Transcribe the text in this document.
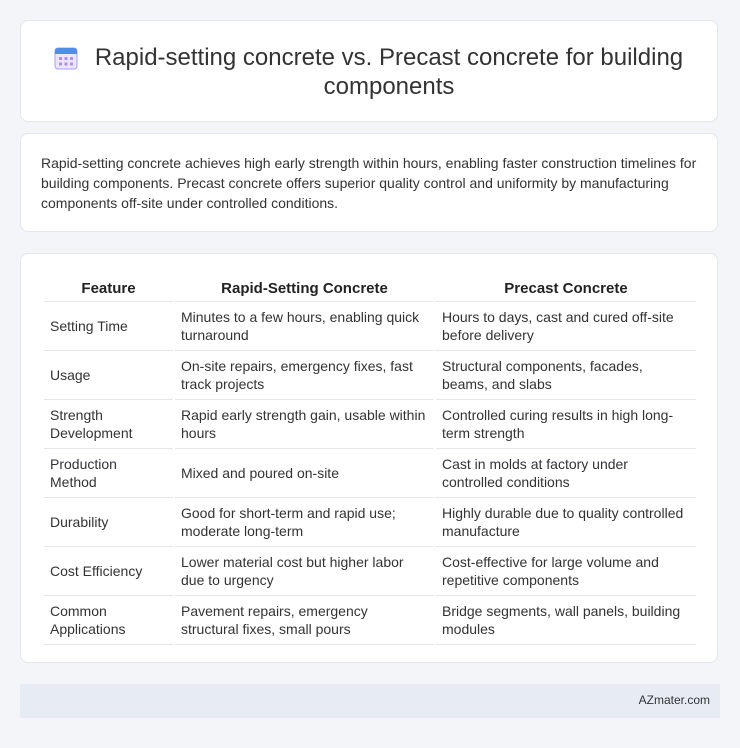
Rapid-setting concrete vs. Precast concrete for building components

Rapid-setting concrete achieves high early strength within hours, enabling faster construction timelines for building components. Precast concrete offers superior quality control and uniformity by manufacturing components off-site under controlled conditions.

Feature	Rapid-Setting Concrete	Precast Concrete
Setting Time	Minutes to a few hours, enabling quick turnaround	Hours to days, cast and cured off-site before delivery
Usage	On-site repairs, emergency fixes, fast track projects	Structural components, facades, beams, and slabs
Strength Development	Rapid early strength gain, usable within hours	Controlled curing results in high long-term strength
Production Method	Mixed and poured on-site	Cast in molds at factory under controlled conditions
Durability	Good for short-term and rapid use; moderate long-term	Highly durable due to quality controlled manufacture
Cost Efficiency	Lower material cost but higher labor due to urgency	Cost-effective for large volume and repetitive components
Common Applications	Pavement repairs, emergency structural fixes, small pours	Bridge segments, wall panels, building modules
AZmater.com
